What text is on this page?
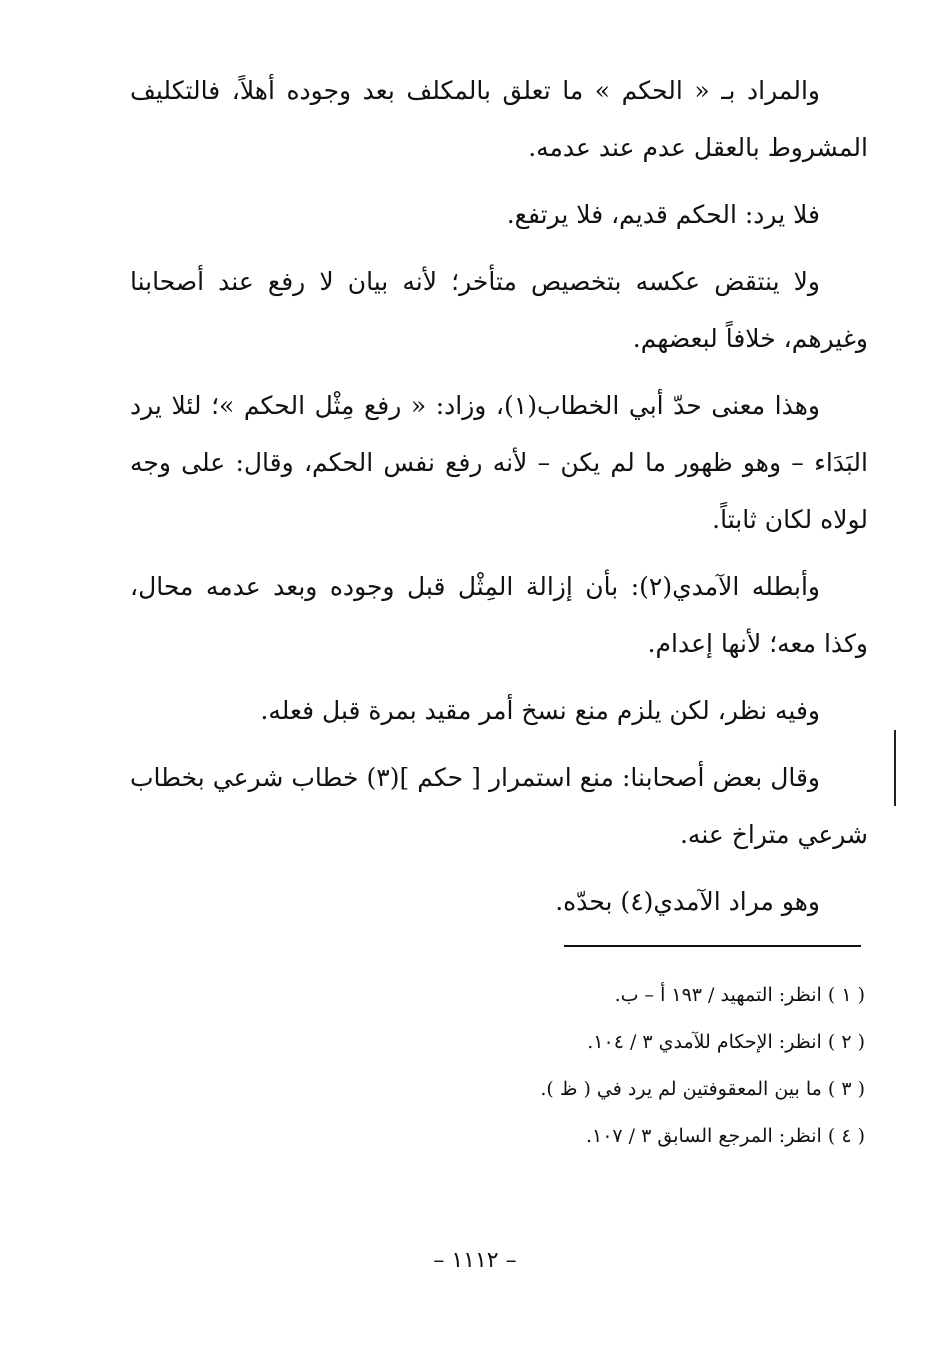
والمراد بـ « الحكم » ما تعلق بالمكلف بعد وجوده أهلاً، فالتكليف المشروط بالعقل عدم عند عدمه.

فلا يرد: الحكم قديم، فلا يرتفع.

ولا ينتقض عكسه بتخصيص متأخر؛ لأنه بيان لا رفع عند أصحابنا وغيرهم، خلافاً لبعضهم.

وهذا معنى حدّ أبي الخطاب(١)، وزاد: « رفع مِثْل الحكم »؛ لئلا يرد البَدَاء – وهو ظهور ما لم يكن – لأنه رفع نفس الحكم، وقال: على وجه لولاه لكان ثابتاً.

وأبطله الآمدي(٢): بأن إزالة المِثْل قبل وجوده وبعد عدمه محال، وكذا معه؛ لأنها إعدام.

وفيه نظر، لكن يلزم منع نسخ أمر مقيد بمرة قبل فعله.

وقال بعض أصحابنا: منع استمرار [ حكم ](٣) خطاب شرعي بخطاب شرعي متراخ عنه.

وهو مراد الآمدي(٤) بحدّه.

( ١ ) انظر: التمهيد / ١٩٣ أ – ب.

( ٢ ) انظر: الإحكام للآمدي ٣ / ١٠٤.

( ٣ ) ما بين المعقوفتين لم يرد في ( ظ ).

( ٤ ) انظر: المرجع السابق ٣ / ١٠٧.

– ١١١٢ –
